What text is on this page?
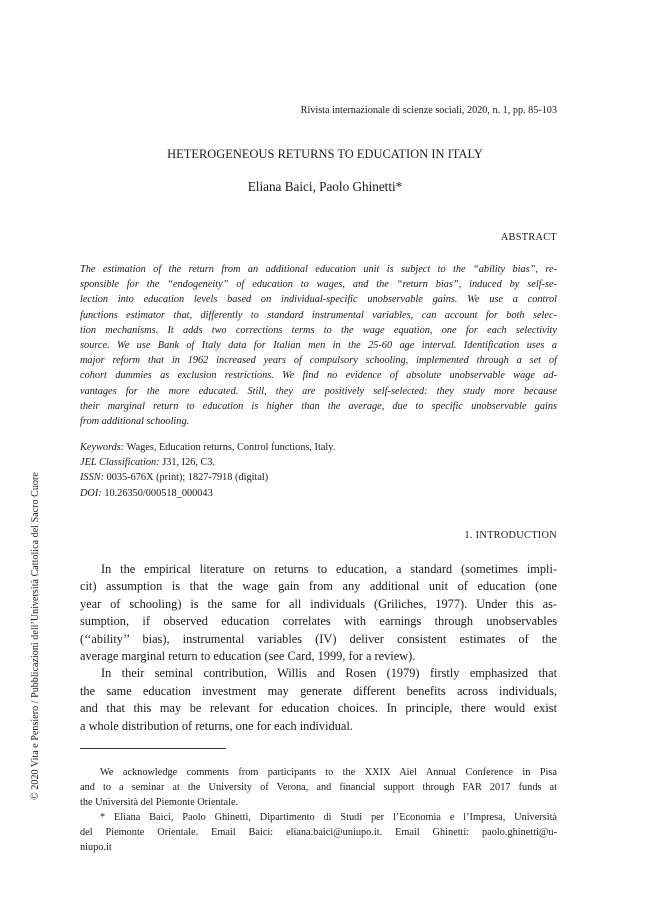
Rivista internazionale di scienze sociali, 2020, n. 1, pp. 85-103
HETEROGENEOUS RETURNS TO EDUCATION IN ITALY
Eliana Baici, Paolo Ghinetti*
ABSTRACT
The estimation of the return from an additional education unit is subject to the “ability bias”, re-
sponsible for the “endogeneity” of education to wages, and the “return bias”, induced by self-se-
lection into education levels based on individual-specific unobservable gains. We use a control
functions estimator that, differently to standard instrumental variables, can account for both selec-
tion mechanisms. It adds two corrections terms to the wage equation, one for each selectivity
source. We use Bank of Italy data for Italian men in the 25-60 age interval. Identification uses a
major reform that in 1962 increased years of compulsory schooling, implemented through a set of
cohort dummies as exclusion restrictions. We find no evidence of absolute unobservable wage ad-
vantages for the more educated. Still, they are positively self-selected: they study more because
their marginal return to education is higher than the average, due to specific unobservable gains
from additional schooling.
Keywords: Wages, Education returns, Control functions, Italy.
JEL Classification: J31, I26, C3.
ISSN: 0035-676X (print); 1827-7918 (digital)
DOI: 10.26350/000518_000043
1. INTRODUCTION

In the empirical literature on returns to education, a standard (sometimes impli-
cit) assumption is that the wage gain from any additional unit of education (one
year of schooling) is the same for all individuals (Griliches, 1977). Under this as-
sumption, if observed education correlates with earnings through unobservables
(‘‘ability’’ bias), instrumental variables (IV) deliver consistent estimates of the
average marginal return to education (see Card, 1999, for a review).

In their seminal contribution, Willis and Rosen (1979) firstly emphasized that
the same education investment may generate different benefits across individuals,
and that this may be relevant for education choices. In principle, there would exist
a whole distribution of returns, one for each individual.

We acknowledge comments from participants to the XXIX Aiel Annual Conference in Pisa
and to a seminar at the University of Verona, and financial support through FAR 2017 funds at
the Università del Piemonte Orientale.

* Eliana Baici, Paolo Ghinetti, Dipartimento di Studi per l’Economia e l’Impresa, Università
del Piemonte Orientale. Email Baici: eliana.baici@uniupo.it. Email Ghinetti: paolo.ghinetti@u-
niupo.it

© 2020 Vita e Pensiero / Pubblicazioni dell’Università Cattolica del Sacro Cuore
